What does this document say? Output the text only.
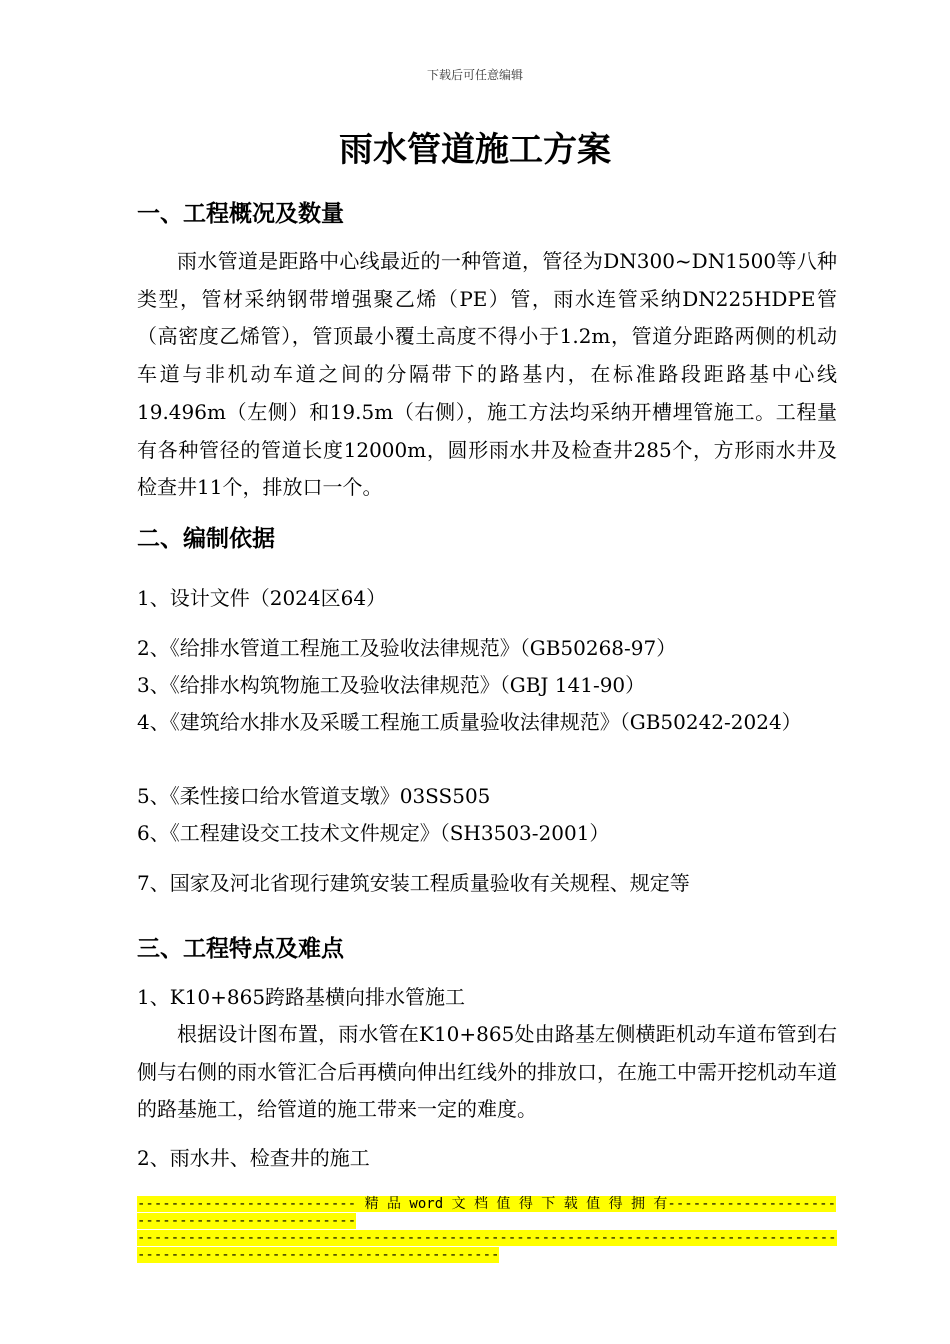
下载后可任意编辑
雨水管道施工方案
一、工程概况及数量
雨水管道是距路中心线最近的一种管道，管径为DN300~DN1500等八种类型，管材采纳钢带增强聚乙烯（PE）管，雨水连管采纳DN225HDPE管（高密度乙烯管），管顶最小覆土高度不得小于1.2m，管道分距路两侧的机动车道与非机动车道之间的分隔带下的路基内，在标准路段距路基中心线19.496m（左侧）和19.5m（右侧），施工方法均采纳开槽埋管施工。工程量有各种管径的管道长度12000m，圆形雨水井及检查井285个，方形雨水井及检查井11个，排放口一个。
二、编制依据
1、设计文件（2024区64）
2、《给排水管道工程施工及验收法律规范》（GB50268-97）
3、《给排水构筑物施工及验收法律规范》（GBJ 141-90）
4、《建筑给水排水及采暖工程施工质量验收法律规范》（GB50242-2024）
5、《柔性接口给水管道支墩》03SS505
6、《工程建设交工技术文件规定》（SH3503-2001）
7、国家及河北省现行建筑安装工程质量验收有关规程、规定等
三、工程特点及难点
1、K10+865跨路基横向排水管施工
根据设计图布置，雨水管在K10+865处由路基左侧横距机动车道布管到右侧与右侧的雨水管汇合后再横向伸出红线外的排放口，在施工中需开挖机动车道的路基施工，给管道的施工带来一定的难度。
2、雨水井、检查井的施工
-------------------------- 精 品 word 文 档 值 得 下 载 值 得 拥 有----------------------------------------------
------------------------------------------------------------------------------------------------------------------------------
